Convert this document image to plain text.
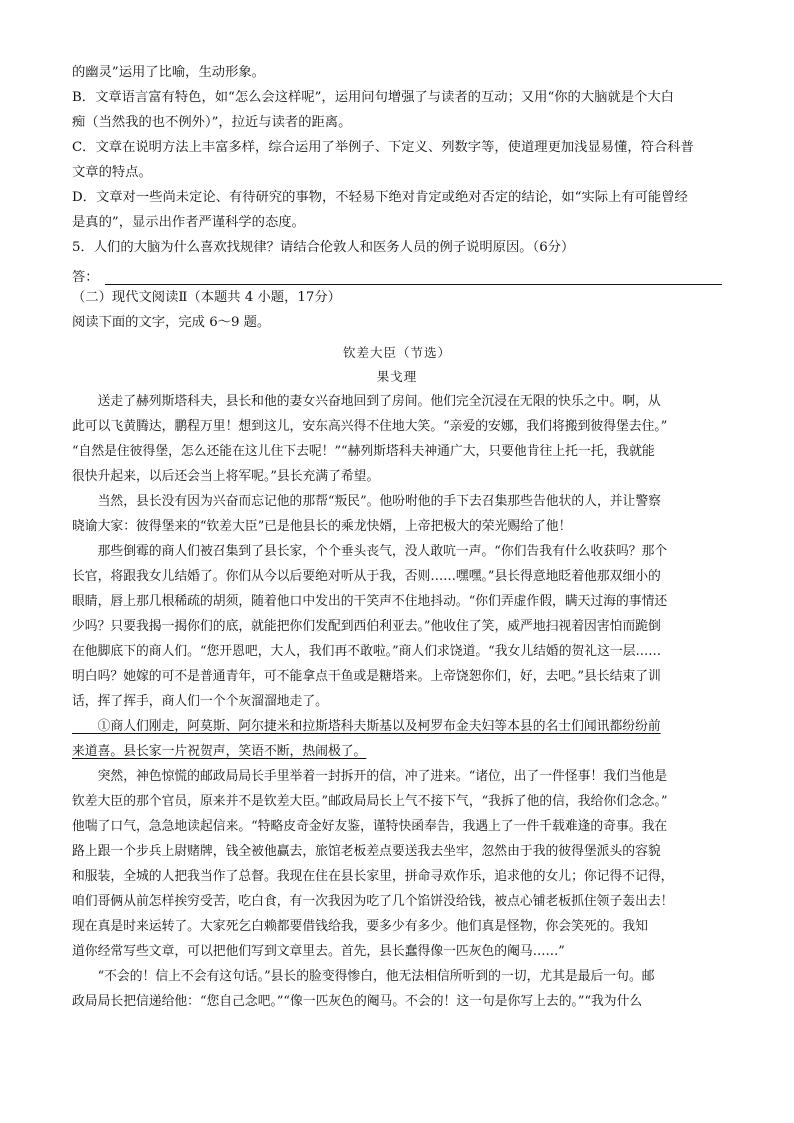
的幽灵”运用了比喻，生动形象。
B．文章语言富有特色，如“怎么会这样呢”，运用问句增强了与读者的互动；又用“你的大脑就是个大白
痴（当然我的也不例外）”，拉近与读者的距离。
C．文章在说明方法上丰富多样，综合运用了举例子、下定义、列数字等，使道理更加浅显易懂，符合科普
文章的特点。
D．文章对一些尚未定论、有待研究的事物，不轻易下绝对肯定或绝对否定的结论，如“实际上有可能曾经
是真的”，显示出作者严谨科学的态度。
5．人们的大脑为什么喜欢找规律？请结合伦敦人和医务人员的例子说明原因。（6分）
答：
（二）现代文阅读Ⅱ（本题共 4 小题，17分）
阅读下面的文字，完成 6～9 题。
钦差大臣（节选）
果戈理
　　送走了赫列斯塔科夫，县长和他的妻女兴奋地回到了房间。他们完全沉浸在无限的快乐之中。啊，从
此可以飞黄腾达，鹏程万里！想到这儿，安东高兴得不住地大笑。“亲爱的安娜，我们将搬到彼得堡去住。”
“自然是住彼得堡，怎么还能在这儿住下去呢！”“赫列斯塔科夫神通广大，只要他肯往上托一托，我就能
很快升起来，以后还会当上将军呢。”县长充满了希望。
　　当然，县长没有因为兴奋而忘记他的那帮“叛民”。他吩咐他的手下去召集那些告他状的人，并让警察
晓谕大家：彼得堡来的“钦差大臣”已是他县长的乘龙快婿，上帝把极大的荣光赐给了他！
　　那些倒霉的商人们被召集到了县长家，个个垂头丧气，没人敢吭一声。“你们告我有什么收获吗？那个
长官，将跟我女儿结婚了。你们从今以后要绝对听从于我，否则……嘿嘿。”县长得意地眨着他那双细小的
眼睛，唇上那几根稀疏的胡须，随着他口中发出的干笑声不住地抖动。“你们弄虚作假，瞒天过海的事情还
少吗？只要我揭一揭你们的底，就能把你们发配到西伯利亚去。”他收住了笑，威严地扫视着因害怕而跪倒
在他脚底下的商人们。“您开恩吧，大人，我们再不敢啦。”商人们求饶道。“我女儿结婚的贺礼这一层……
明白吗？她嫁的可不是普通青年，可不能拿点干鱼或是糖塔来。上帝饶恕你们，好，去吧。”县长结束了训
话，挥了挥手，商人们一个个灰溜溜地走了。
　　①商人们刚走，阿莫斯、阿尔捷米和拉斯塔科夫斯基以及柯罗布金夫妇等本县的名士们闻讯都纷纷前
来道喜。县长家一片祝贺声，笑语不断，热闹极了。
　　突然，神色惊慌的邮政局局长手里举着一封拆开的信，冲了进来。“诸位，出了一件怪事！我们当他是
钦差大臣的那个官员，原来并不是钦差大臣。”邮政局局长上气不接下气，“我拆了他的信，我给你们念念。”
他喘了口气，急急地读起信来。“特略皮奇金好友鉴，谨特快函奉告，我遇上了一件千载难逢的奇事。我在
路上跟一个步兵上尉赌牌，钱全被他赢去，旅馆老板差点要送我去坐牢，忽然由于我的彼得堡派头的容貌
和服装，全城的人把我当作了总督。我现在住在县长家里，拼命寻欢作乐，追求他的女儿；你记得不记得，
咱们哥俩从前怎样挨穷受苦，吃白食，有一次我因为吃了几个馅饼没给钱，被点心铺老板抓住领子轰出去！
现在真是时来运转了。大家死乞白赖都要借钱给我，要多少有多少。他们真是怪物，你会笑死的。我知
道你经常写些文章，可以把他们写到文章里去。首先，县长蠢得像一匹灰色的阉马……”
　　“不会的！信上不会有这句话。”县长的脸变得惨白，他无法相信所听到的一切，尤其是最后一句。邮
政局局长把信递给他：“您自己念吧。”“像一匹灰色的阉马。不会的！这一句是你写上去的。”“我为什么
